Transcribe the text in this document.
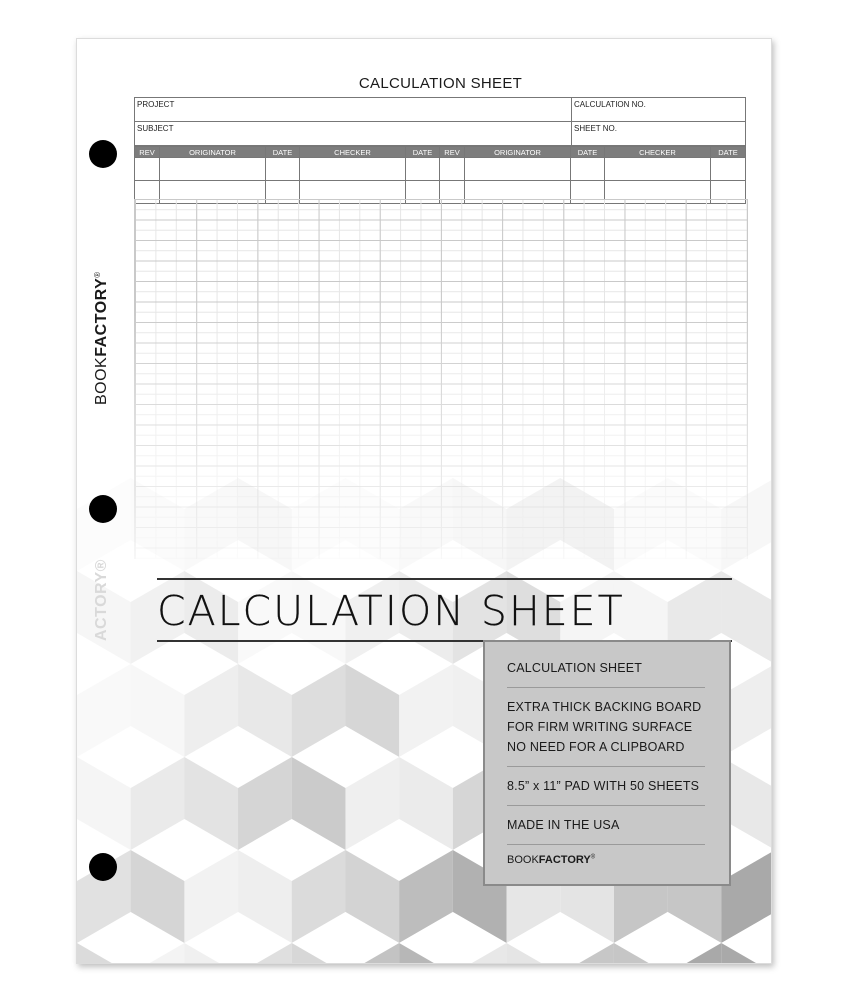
BOOKFACTORY®
ACTORY®
CALCULATION SHEET
PROJECT	CALCULATION NO.
SUBJECT	SHEET NO.
REV	ORIGINATOR	DATE	CHECKER	DATE	REV	ORIGINATOR	DATE	CHECKER	DATE

CALCULATION SHEET
CALCULATION SHEET
EXTRA THICK BACKING BOARD
FOR FIRM WRITING SURFACE
NO NEED FOR A CLIPBOARD
8.5” x 11” PAD WITH 50 SHEETS
MADE IN THE USA
BOOKFACTORY®
